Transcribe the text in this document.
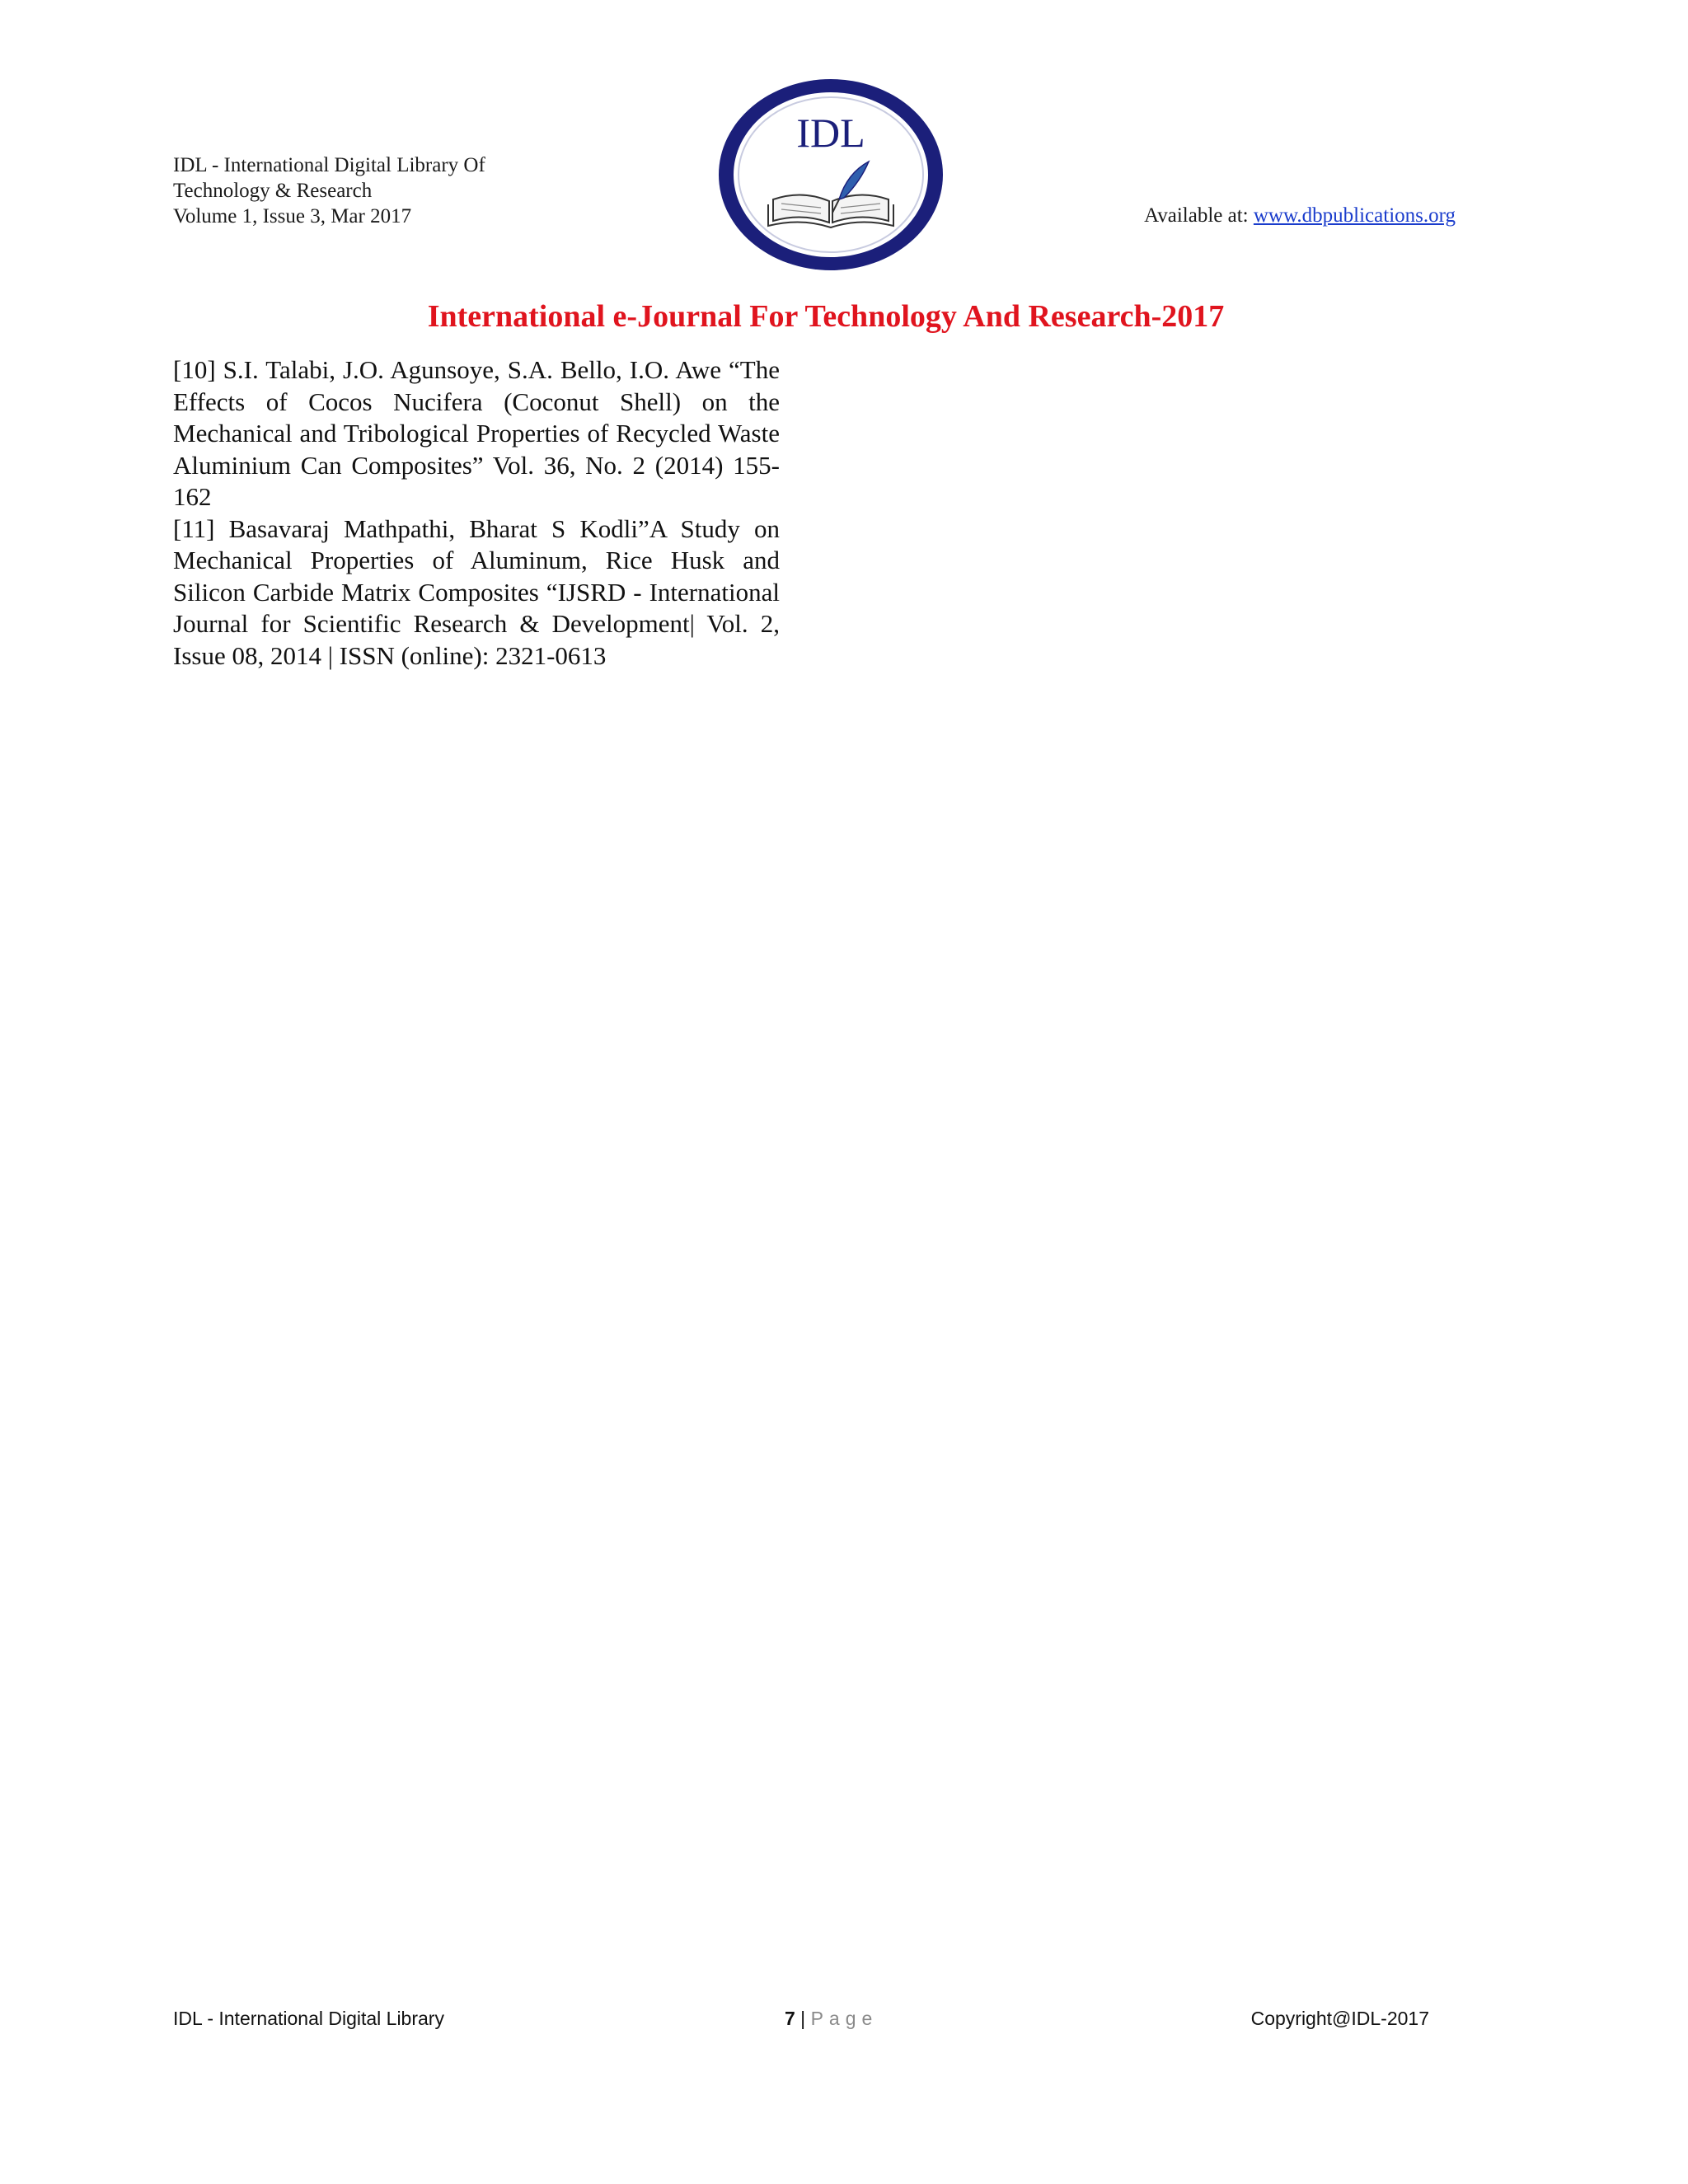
IDL - International Digital Library Of
Technology & Research
Volume 1, Issue 3, Mar 2017
IDL
Available at: www.dbpublications.org
International e-Journal For Technology And Research-2017

[10] S.I. Talabi, J.O. Agunsoye, S.A. Bello, I.O. Awe “The Effects of Cocos Nucifera (Coconut Shell) on the Mechanical and Tribological Properties of Recycled Waste Aluminium Can Composites” Vol. 36, No. 2 (2014) 155-162

[11] Basavaraj Mathpathi, Bharat S Kodli”A Study on Mechanical Properties of Aluminum, Rice Husk and Silicon Carbide Matrix Composites “IJSRD - International Journal for Scientific Research & Development| Vol. 2, Issue 08, 2014 | ISSN (online): 2321-0613

IDL - International Digital Library	7 | Page	Copyright@IDL-2017
